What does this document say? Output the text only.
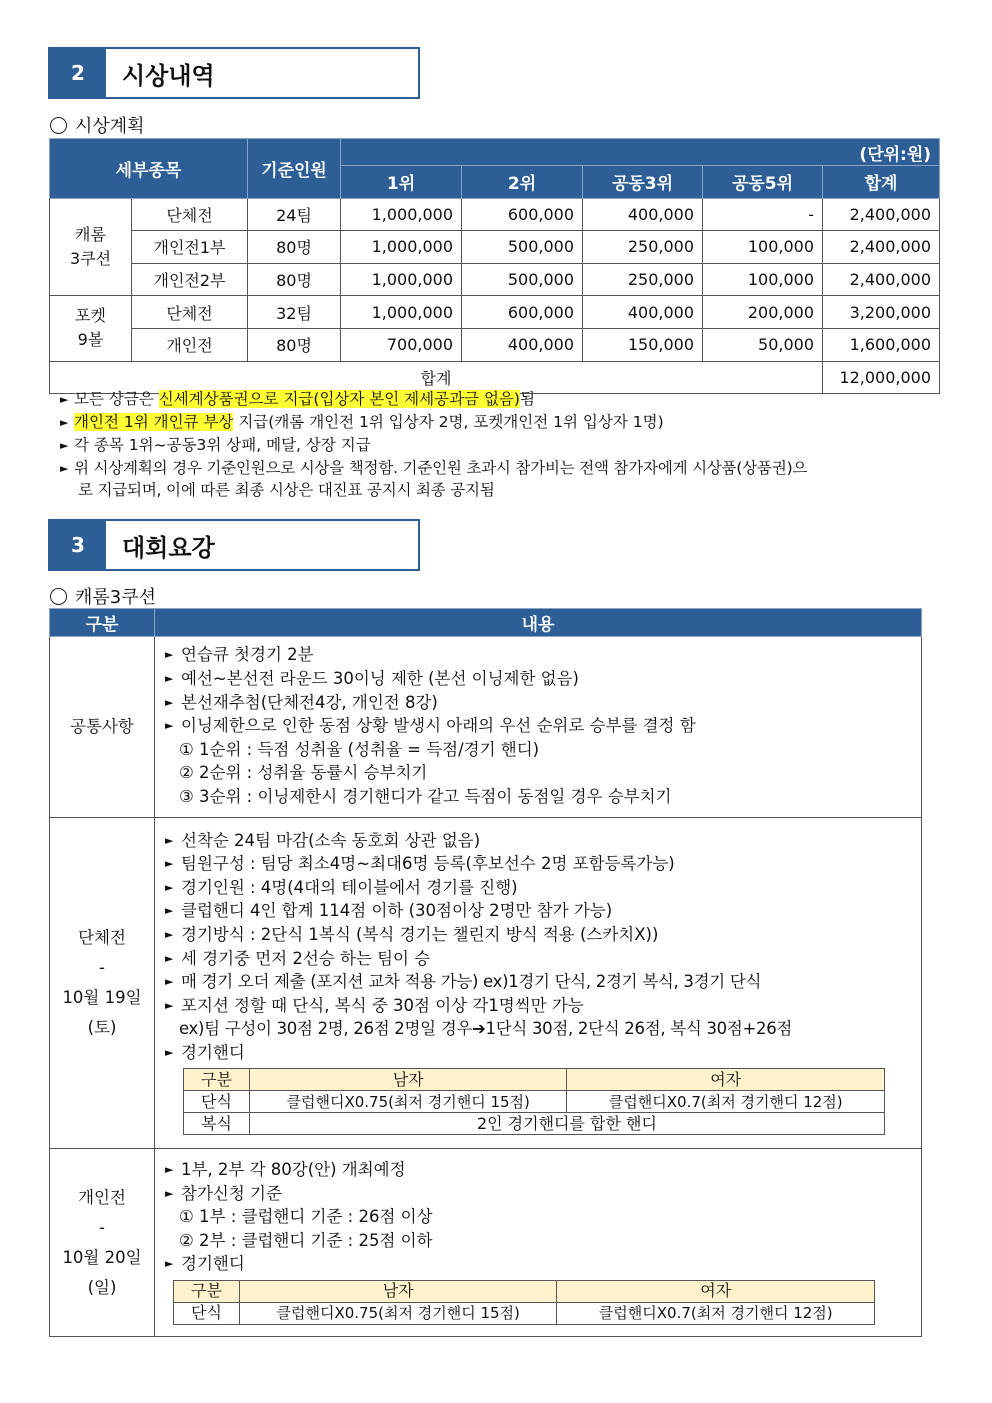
2	시상내역
시상계획
세부종목		기준인원	(단위:원)				
			1위	2위	공동3위	공동5위	합계

캐롬
3쿠션	단체전	24팀	1,000,000	600,000	400,000	-	2,400,000
	개인전1부	80명	1,000,000	500,000	250,000	100,000	2,400,000
	개인전2부	80명	1,000,000	500,000	250,000	100,000	2,400,000

포켓
9볼	단체전	32팀	1,000,000	600,000	400,000	200,000	3,200,000
	개인전	80명	700,000	400,000	150,000	50,000	1,600,000
합계							12,000,000
► 모든 상금은 신세계상품권으로 지급(입상자 본인 제세공과금 없음)됨
► 개인전 1위 개인큐 부상 지급(캐롬 개인전 1위 입상자 2명, 포켓개인전 1위 입상자 1명)
► 각 종목 1위~공동3위 상패, 메달, 상장 지급
► 위 시상계획의 경우 기준인원으로 시상을 책정함. 기준인원 초과시 참가비는 전액 참가자에게 시상품(상품권)으
로 지급되며, 이에 따른 최종 시상은 대진표 공지시 최종 공지됨
3	대회요강
캐롬3쿠션
구분	내용
공통사항	
► 연습큐 첫경기 2분
► 예선~본선전 라운드 30이닝 제한 (본선 이닝제한 없음)
► 본선재추첨(단체전4강, 개인전 8강)
► 이닝제한으로 인한 동점 상황 발생시 아래의 우선 순위로 승부를 결정 함
① 1순위 : 득점 성취율 (성취율 = 득점/경기 핸디)
② 2순위 : 성취율 동률시 승부치기
③ 3순위 : 이닝제한시 경기핸디가 같고 득점이 동점일 경우 승부치기

단체전
-
10월 19일
(토)

► 선착순 24팀 마감(소속 동호회 상관 없음)
► 팀원구성 : 팀당 최소4명~최대6명 등록(후보선수 2명 포함등록가능)
► 경기인원 : 4명(4대의 테이블에서 경기를 진행)
► 클럽핸디 4인 합계 114점 이하 (30점이상 2명만 참가 가능)
► 경기방식 : 2단식 1복식 (복식 경기는 챌린지 방식 적용 (스카치X))
► 세 경기중 먼저 2선승 하는 팀이 승
► 매 경기 오더 제출 (포지션 교차 적용 가능) ex)1경기 단식, 2경기 복식, 3경기 단식
► 포지션 정할 때 단식, 복식 중 30점 이상 각1명씩만 가능
ex)팀 구성이 30점 2명, 26점 2명일 경우➔1단식 30점, 2단식 26점, 복식 30점+26점
► 경기핸디
구분	남자	여자
단식	클럽핸디X0.75(최저 경기핸디 15점)	클럽핸디X0.7(최저 경기핸디 12점)
복식	2인 경기핸디를 합한 핸디

개인전
-
10월 20일
(일)

► 1부, 2부 각 80강(안) 개최예정
► 참가신청 기준
① 1부 : 클럽핸디 기준 : 26점 이상
② 2부 : 클럽핸디 기준 : 25점 이하
► 경기핸디
구분	남자	여자
단식	클럽핸디X0.75(최저 경기핸디 15점)	클럽핸디X0.7(최저 경기핸디 12점)
